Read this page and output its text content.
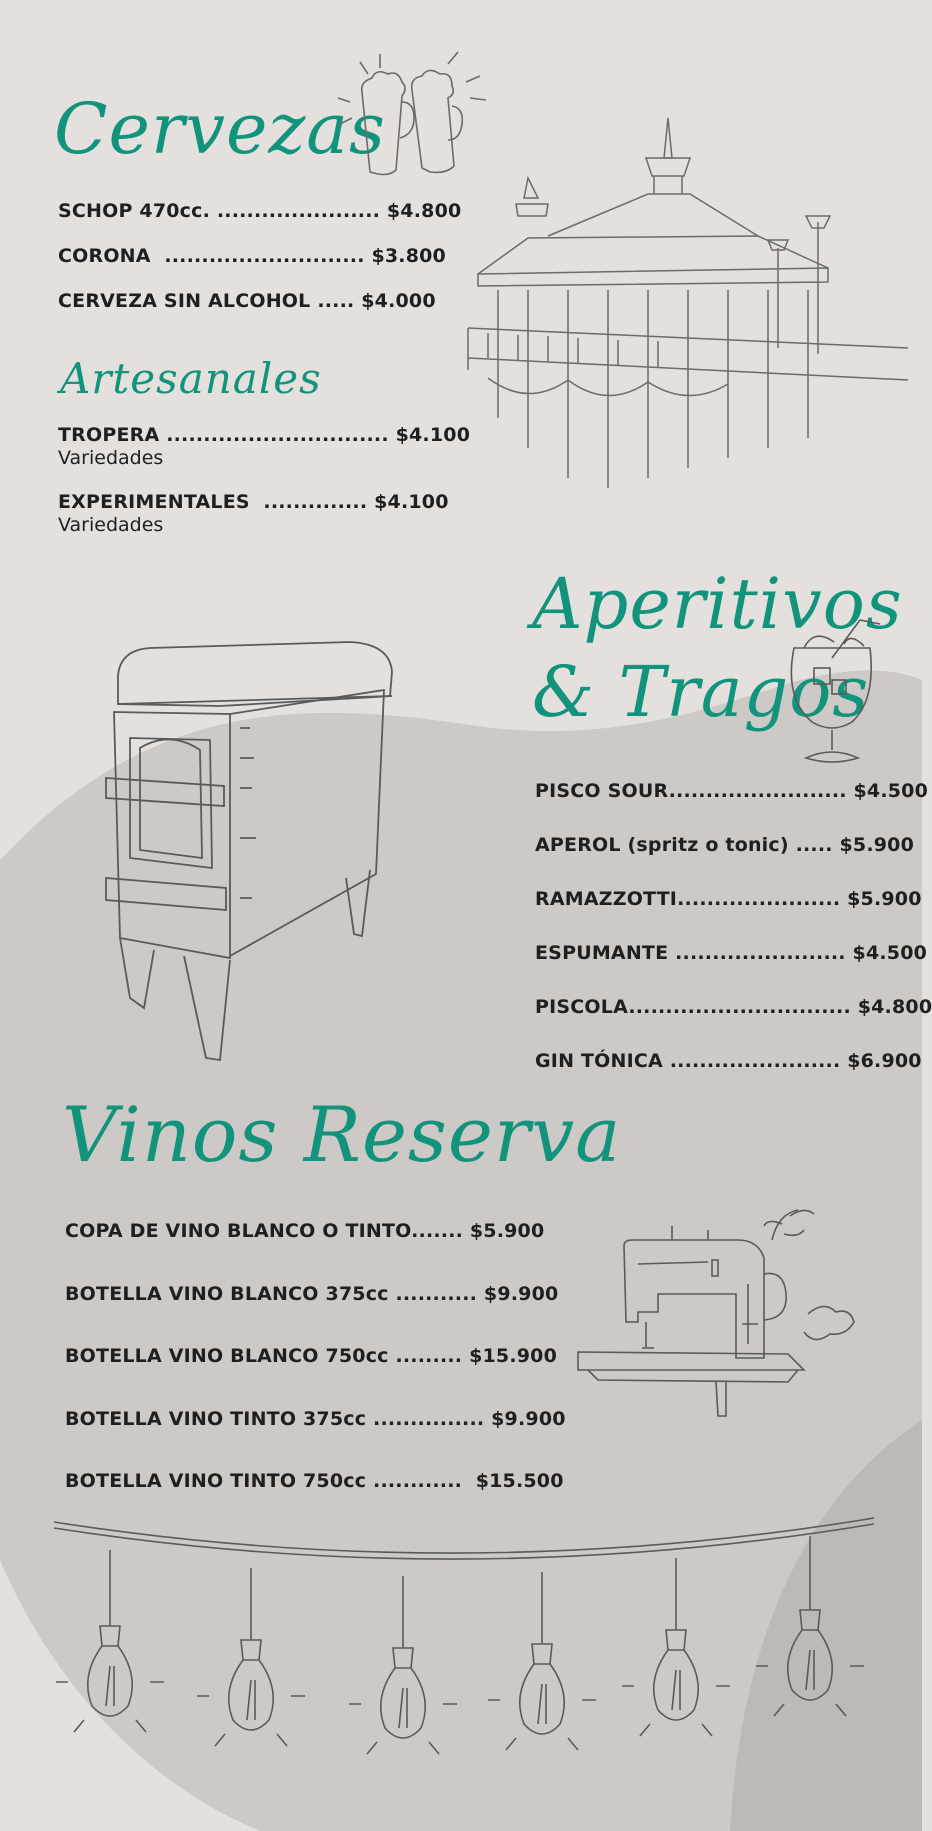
Cervezas
SCHOP 470cc. ...................... $4.800
CORONA ........................... $3.800
CERVEZA SIN ALCOHOL ..... $4.000
Artesanales
TROPERA .............................. $4.100
Variedades
EXPERIMENTALES .............. $4.100
Variedades
Aperitivos
& Tragos
PISCO SOUR........................ $4.500
APEROL (spritz o tonic) ..... $5.900
RAMAZZOTTI...................... $5.900
ESPUMANTE ....................... $4.500
PISCOLA.............................. $4.800
GIN TÓNICA ....................... $6.900
Vinos Reserva
COPA DE VINO BLANCO O TINTO....... $5.900
BOTELLA VINO BLANCO 375cc ........... $9.900
BOTELLA VINO BLANCO 750cc ......... $15.900
BOTELLA VINO TINTO 375cc ............... $9.900
BOTELLA VINO TINTO 750cc ............ $15.500
